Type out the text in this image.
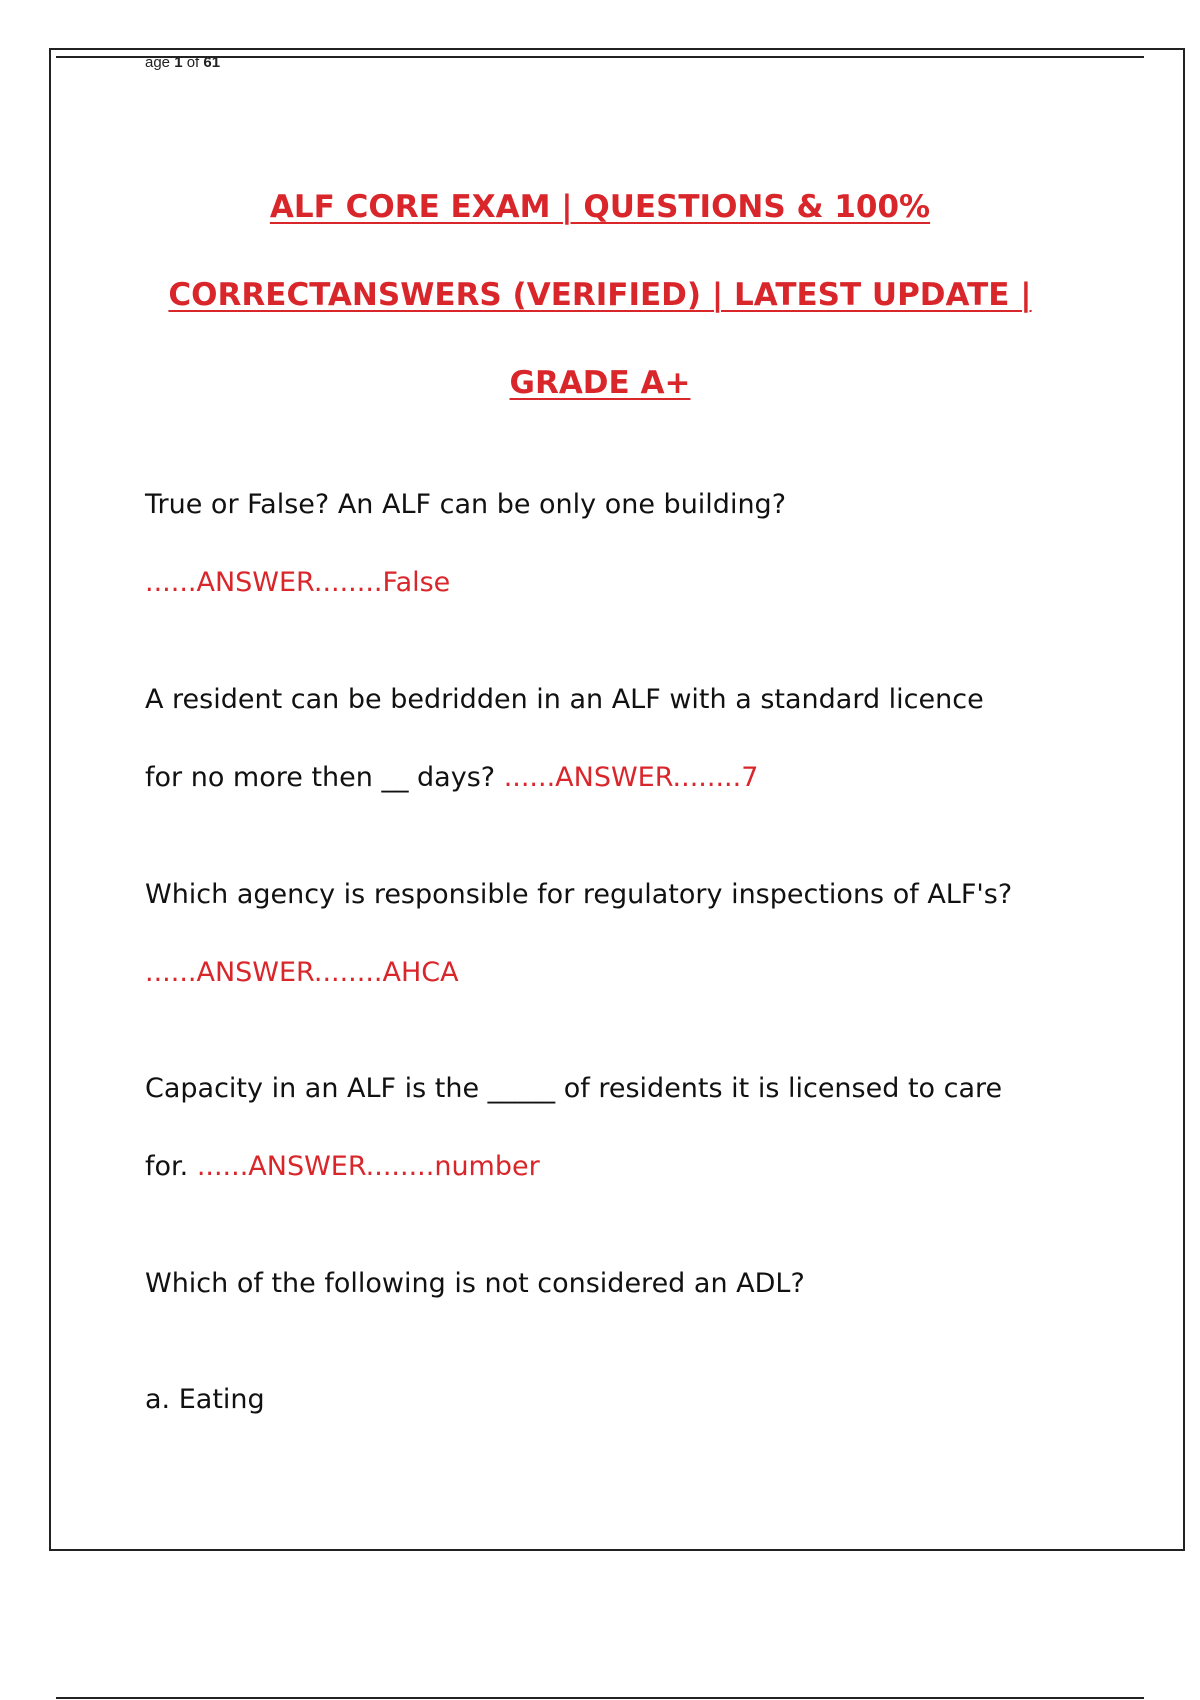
age 1 of 61
ALF CORE EXAM | QUESTIONS & 100%
CORRECTANSWERS (VERIFIED) | LATEST UPDATE |
GRADE A+
True or False? An ALF can be only one building?
......ANSWER........False
A resident can be bedridden in an ALF with a standard licence
for no more then __ days? ......ANSWER........7
Which agency is responsible for regulatory inspections of ALF's?
......ANSWER........AHCA
Capacity in an ALF is the _____ of residents it is licensed to care
for. ......ANSWER........number
Which of the following is not considered an ADL?
a. Eating
